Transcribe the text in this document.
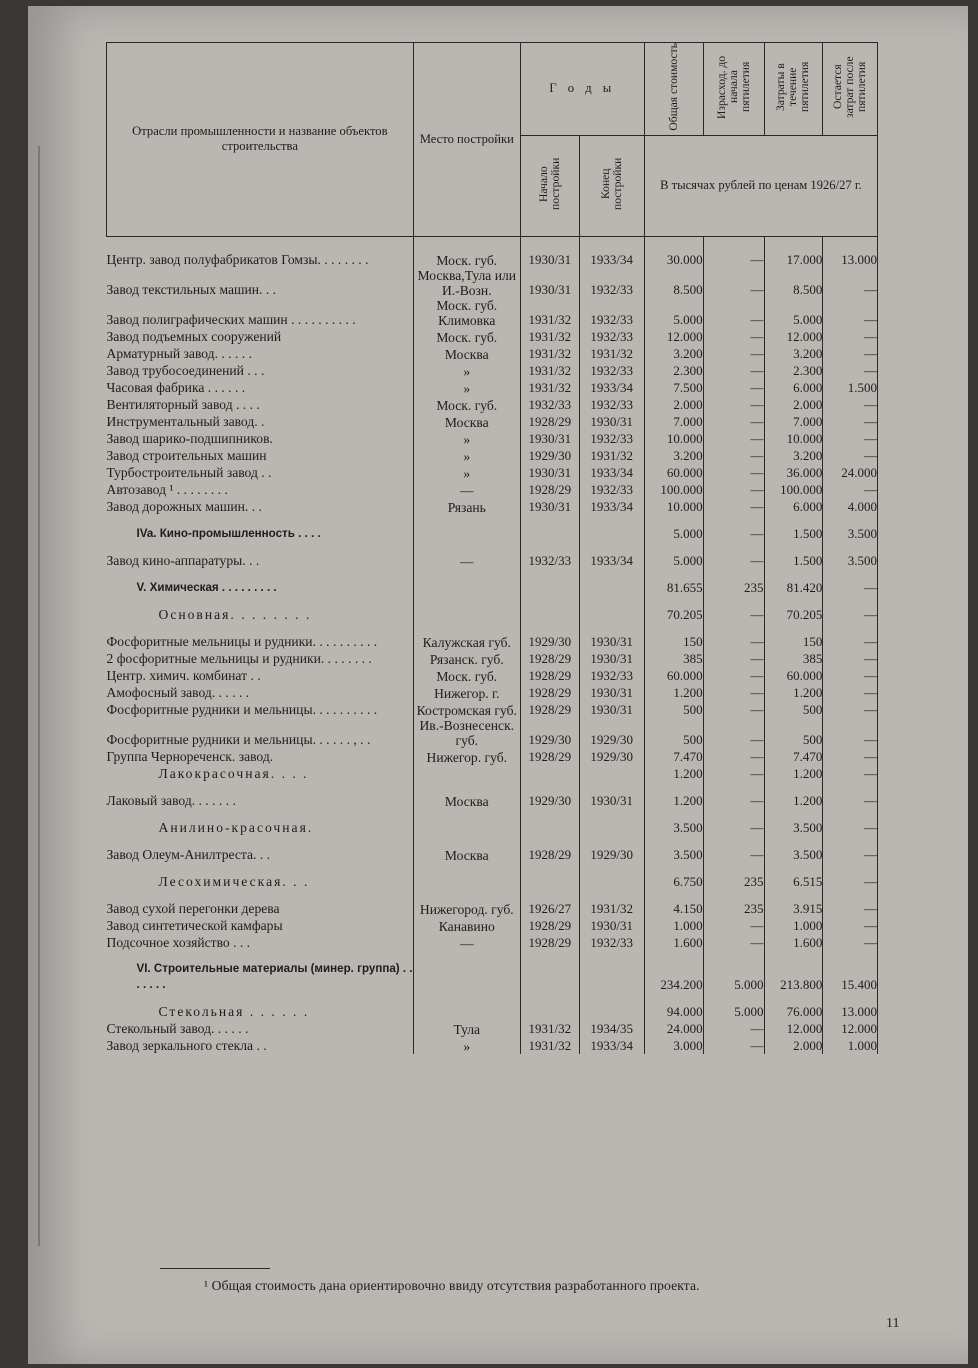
Отрасли промышленности и название объектов строительства	Место постройки	Г о д ы		Общая стоимость	Израсход. до начала пятилетия	Затраты в течение пятилетия	Остается затрат после пятилетия
		Начало постройки	Конец постройки				
				В тысячах рублей по ценам 1926/27 г.			

Центр. завод полуфабрикатов Гомзы. . . . . . . .	Моск. губ.	1930/31	1933/34	30.000	—	17.000	13.000
Завод текстильных машин. . .	Москва,Тула или И.-Возн.	1930/31	1932/33	8.500	—	8.500	—
Завод полиграфических машин . . . . . . . . . .	Моск. губ. Климовка	1931/32	1932/33	5.000	—	5.000	—
Завод подъемных сооружений	Моск. губ.	1931/32	1932/33	12.000	—	12.000	—
Арматурный завод. . . . . .	Москва	1931/32	1931/32	3.200	—	3.200	—
Завод трубосоединений . . .	»	1931/32	1932/33	2.300	—	2.300	—
Часовая фабрика . . . . . .	»	1931/32	1933/34	7.500	—	6.000	1.500
Вентиляторный завод . . . .	Моск. губ.	1932/33	1932/33	2.000	—	2.000	—
Инструментальный завод. .	Москва	1928/29	1930/31	7.000	—	7.000	—
Завод шарико-подшипников.	»	1930/31	1932/33	10.000	—	10.000	—
Завод строительных машин	»	1929/30	1931/32	3.200	—	3.200	—
Турбостроительный завод . .	»	1930/31	1933/34	60.000	—	36.000	24.000
Автозавод ¹ . . . . . . . .	—	1928/29	1932/33	100.000	—	100.000	—
Завод дорожных машин. . .	Рязань	1930/31	1933/34	10.000	—	6.000	4.000
IVa. Кино-промышленность . . . .				5.000	—	1.500	3.500
Завод кино-аппаратуры. . .	—	1932/33	1933/34	5.000	—	1.500	3.500
V. Химическая . . . . . . . . .				81.655	235	81.420	—
Основная. . . . . . . .				70.205	—	70.205	—
Фосфоритные мельницы и рудники. . . . . . . . . .	Калужская губ.	1929/30	1930/31	150	—	150	—
2 фосфоритные мельницы и рудники. . . . . . . .	Рязанск. губ.	1928/29	1930/31	385	—	385	—
Центр. химич. комбинат . .	Моск. губ.	1928/29	1932/33	60.000	—	60.000	—
Амофосный завод. . . . . .	Нижегор. г.	1928/29	1930/31	1.200	—	1.200	—
Фосфоритные рудники и мельницы. . . . . . . . . .	Костромская губ.	1928/29	1930/31	500	—	500	—
Фосфоритные рудники и мельницы. . . . . . , . .	Ив.-Вознесенск. губ.	1929/30	1929/30	500	—	500	—
Группа Чернореченск. завод.	Нижегор. губ.	1928/29	1929/30	7.470	—	7.470	—
Лакокрасочная. . . .				1.200	—	1.200	—
Лаковый завод. . . . . . .	Москва	1929/30	1930/31	1.200	—	1.200	—
Анилино-красочная.				3.500	—	3.500	—
Завод Олеум-Анилтреста. . .	Москва	1928/29	1929/30	3.500	—	3.500	—
Лесохимическая. . .				6.750	235	6.515	—
Завод сухой перегонки дерева	Нижегород. губ.	1926/27	1931/32	4.150	235	3.915	—
Завод синтетической камфары	Канавино	1928/29	1930/31	1.000	—	1.000	—
Подсочное хозяйство . . .	—	1928/29	1932/33	1.600	—	1.600	—
VI. Строительные материалы (минер. группа) . . . . . . .				234.200	5.000	213.800	15.400
Стекольная . . . . . .				94.000	5.000	76.000	13.000
Стекольный завод. . . . . .	Тула	1931/32	1934/35	24.000	—	12.000	12.000
Завод зеркального стекла . .	»	1931/32	1933/34	3.000	—	2.000	1.000
¹ Общая стоимость дана ориентировочно ввиду отсутствия разработанного проекта.
11
